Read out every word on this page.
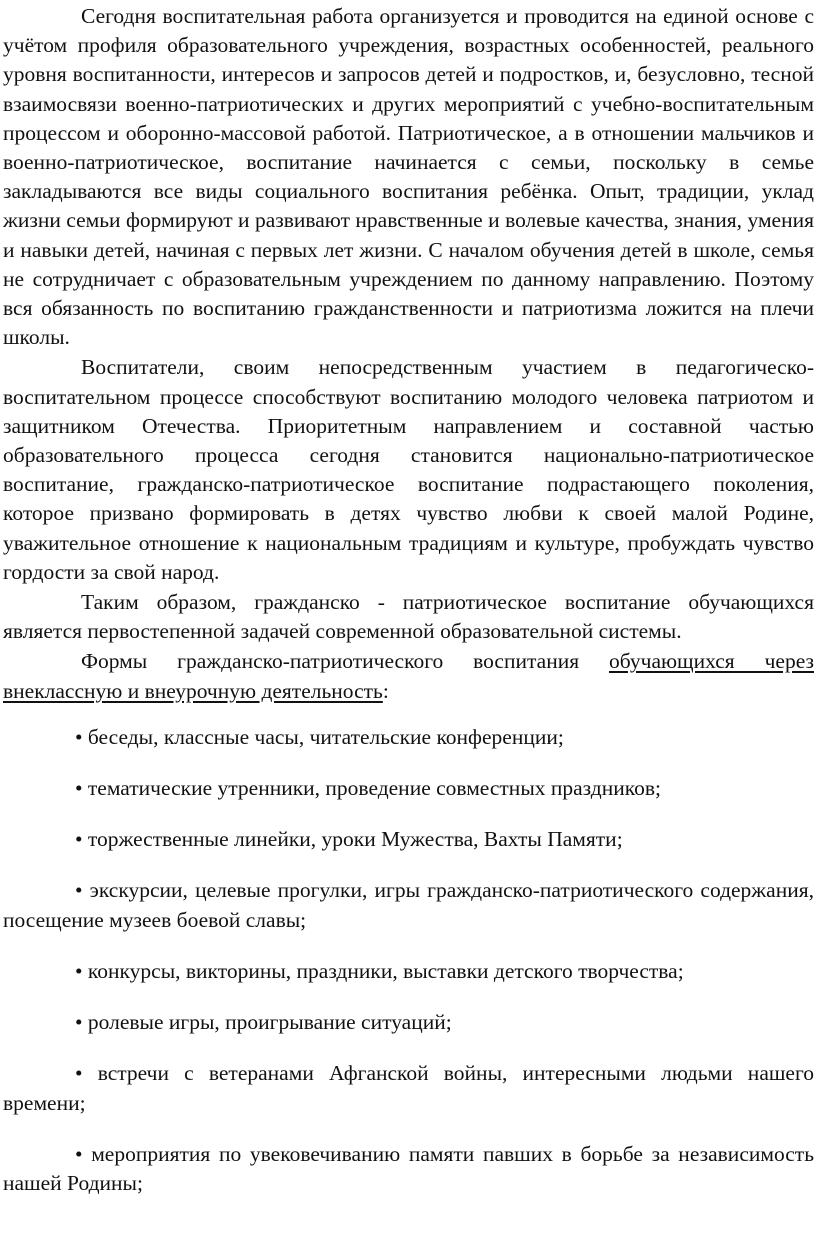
Сегодня воспитательная работа организуется и проводится на единой основе с учётом профиля образовательного учреждения, возрастных особенностей, реального уровня воспитанности, интересов и запросов детей и подростков, и, безусловно, тесной взаимосвязи военно-патриотических и других мероприятий с учебно-воспитательным процессом и оборонно-массовой работой. Патриотическое, а в отношении мальчиков и военно-патриотическое, воспитание начинается с семьи, поскольку в семье закладываются все виды социального воспитания ребёнка. Опыт, традиции, уклад жизни семьи формируют и развивают нравственные и волевые качества, знания, умения и навыки детей, начиная с первых лет жизни. С началом обучения детей в школе, семья не сотрудничает с образовательным учреждением по данному направлению. Поэтому вся обязанность по воспитанию гражданственности и патриотизма ложится на плечи школы.

Воспитатели, своим непосредственным участием в педагогическо-воспитательном процессе способствуют воспитанию молодого человека патриотом и защитником Отечества. Приоритетным направлением и составной частью образовательного процесса сегодня становится национально-патриотическое воспитание, гражданско-патриотическое воспитание подрастающего поколения, которое призвано формировать в детях чувство любви к своей малой Родине, уважительное отношение к национальным традициям и культуре, пробуждать чувство гордости за свой народ.

Таким образом, гражданско - патриотическое воспитание обучающихся является первостепенной задачей современной образовательной системы.

Формы гражданско-патриотического воспитания обучающихся через внеклассную и внеурочную деятельность:

• беседы, классные часы, читательские конференции;

• тематические утренники, проведение совместных праздников;

• торжественные линейки, уроки Мужества, Вахты Памяти;

• экскурсии, целевые прогулки, игры гражданско-патриотического содержания, посещение музеев боевой славы;

• конкурсы, викторины, праздники, выставки детского творчества;

• ролевые игры, проигрывание ситуаций;

• встречи с ветеранами Афганской войны, интересными людьми нашего времени;

• мероприятия по увековечиванию памяти павших в борьбе за независимость нашей Родины;
